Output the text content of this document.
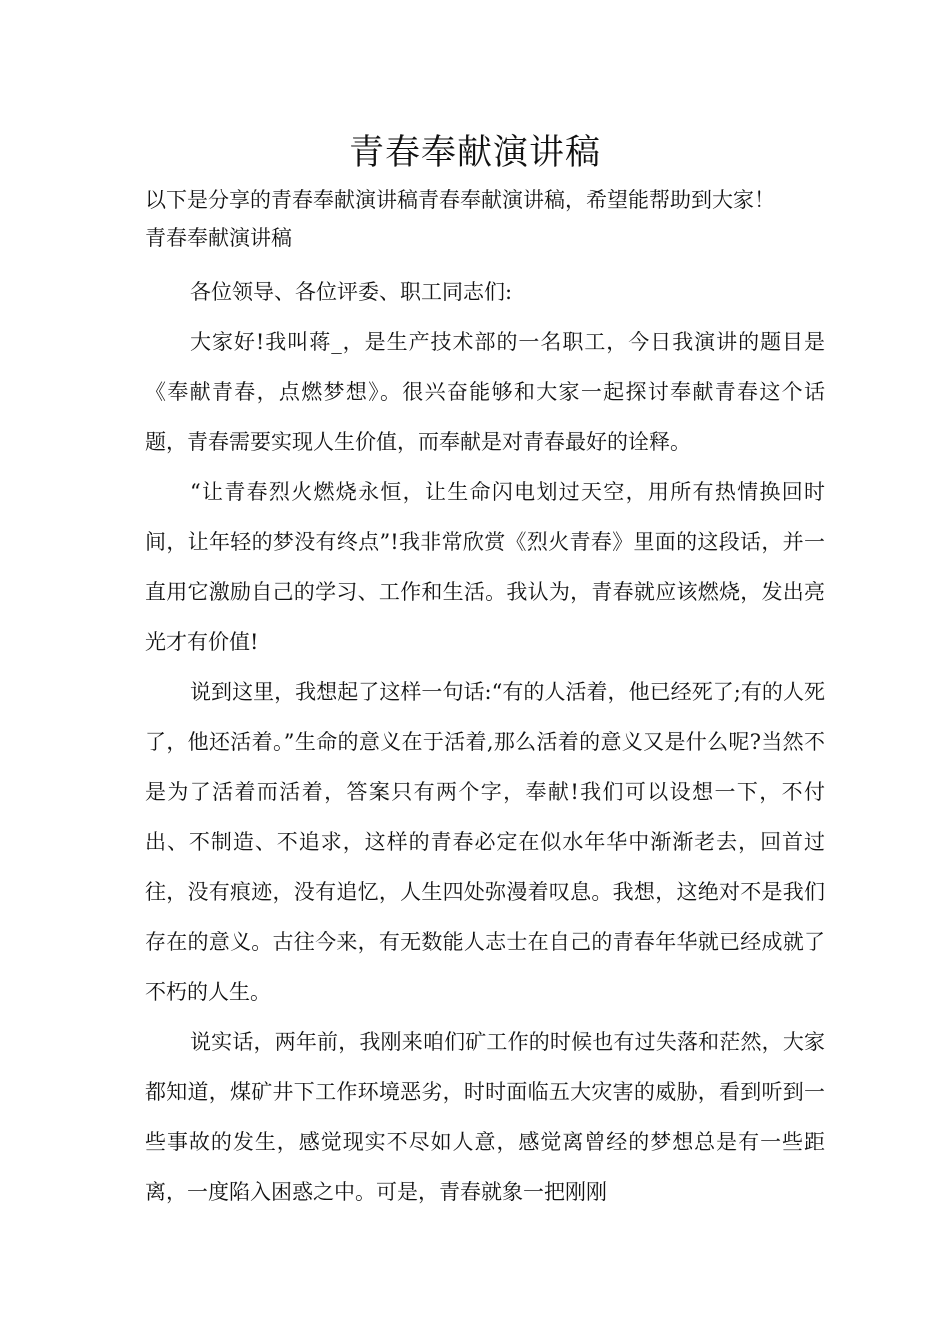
青春奉献演讲稿

以下是分享的青春奉献演讲稿青春奉献演讲稿，希望能帮助到大家！

青春奉献演讲稿

各位领导、各位评委、职工同志们:

大家好!我叫蒋_，是生产技术部的一名职工，今日我演讲的题目是《奉献青春，点燃梦想》。很兴奋能够和大家一起探讨奉献青春这个话题，青春需要实现人生价值，而奉献是对青春最好的诠释。

“让青春烈火燃烧永恒，让生命闪电划过天空，用所有热情换回时间，让年轻的梦没有终点”!我非常欣赏《烈火青春》里面的这段话，并一直用它激励自己的学习、工作和生活。我认为，青春就应该燃烧，发出亮光才有价值!

说到这里，我想起了这样一句话:“有的人活着，他已经死了;有的人死了，他还活着。”生命的意义在于活着,那么活着的意义又是什么呢?当然不是为了活着而活着，答案只有两个字，奉献!我们可以设想一下，不付出、不制造、不追求，这样的青春必定在似水年华中渐渐老去，回首过往，没有痕迹，没有追忆，人生四处弥漫着叹息。我想，这绝对不是我们存在的意义。古往今来，有无数能人志士在自己的青春年华就已经成就了不朽的人生。

说实话，两年前，我刚来咱们矿工作的时候也有过失落和茫然，大家都知道，煤矿井下工作环境恶劣，时时面临五大灾害的威胁，看到听到一些事故的发生，感觉现实不尽如人意，感觉离曾经的梦想总是有一些距离，一度陷入困惑之中。可是，青春就象一把刚刚
